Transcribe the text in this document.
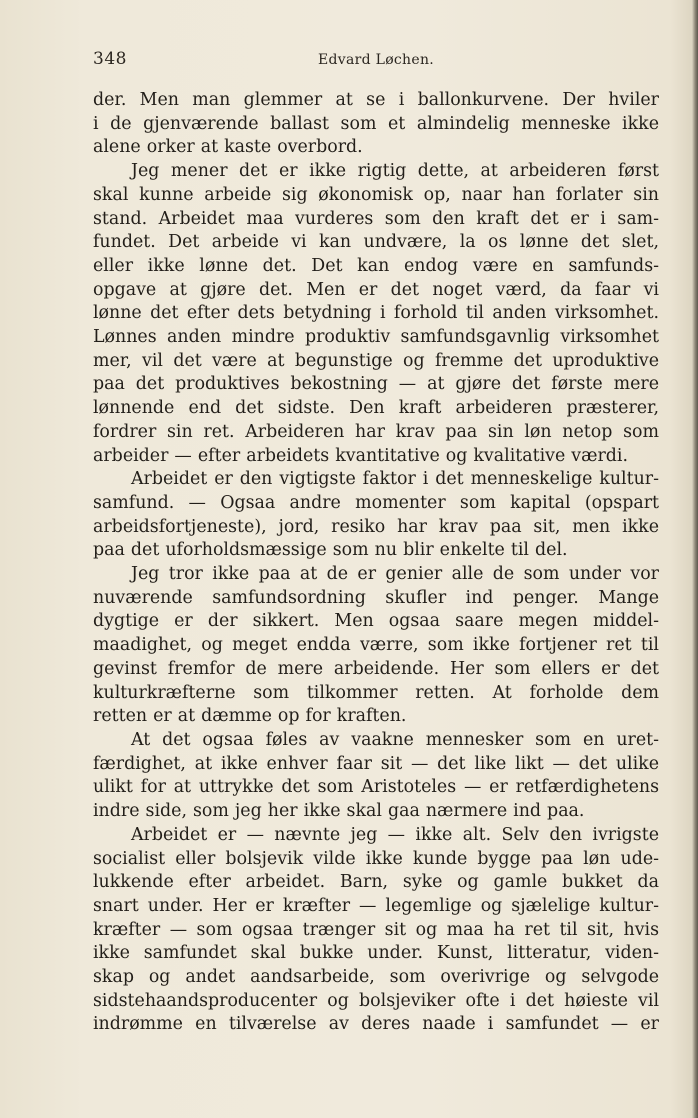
348	Edvard Løchen.

der. Men man glemmer at se i ballonkurvene. Der hviler

i de gjenværende ballast som et almindelig menneske ikke

alene orker at kaste overbord.

Jeg mener det er ikke rigtig dette, at arbeideren først

skal kunne arbeide sig økonomisk op, naar han forlater sin

stand. Arbeidet maa vurderes som den kraft det er i sam-

fundet. Det arbeide vi kan undvære, la os lønne det slet,

eller ikke lønne det. Det kan endog være en samfunds-

opgave at gjøre det. Men er det noget værd, da faar vi

lønne det efter dets betydning i forhold til anden virksomhet.

Lønnes anden mindre produktiv samfundsgavnlig virksomhet

mer, vil det være at begunstige og fremme det uproduktive

paa det produktives bekostning — at gjøre det første mere

lønnende end det sidste. Den kraft arbeideren præsterer,

fordrer sin ret. Arbeideren har krav paa sin løn netop som

arbeider — efter arbeidets kvantitative og kvalitative værdi.

Arbeidet er den vigtigste faktor i det menneskelige kultur-

samfund. — Ogsaa andre momenter som kapital (opspart

arbeidsfortjeneste), jord, resiko har krav paa sit, men ikke

paa det uforholdsmæssige som nu blir enkelte til del.

Jeg tror ikke paa at de er genier alle de som under vor

nuværende samfundsordning skufler ind penger. Mange

dygtige er der sikkert. Men ogsaa saare megen middel-

maadighet, og meget endda værre, som ikke fortjener ret til

gevinst fremfor de mere arbeidende. Her som ellers er det

kulturkræfterne som tilkommer retten. At forholde dem

retten er at dæmme op for kraften.

At det ogsaa føles av vaakne mennesker som en uret-

færdighet, at ikke enhver faar sit — det like likt — det ulike

ulikt for at uttrykke det som Aristoteles — er retfærdighetens

indre side, som jeg her ikke skal gaa nærmere ind paa.

Arbeidet er — nævnte jeg — ikke alt. Selv den ivrigste

socialist eller bolsjevik vilde ikke kunde bygge paa løn ude-

lukkende efter arbeidet. Barn, syke og gamle bukket da

snart under. Her er kræfter — legemlige og sjælelige kultur-

kræfter — som ogsaa trænger sit og maa ha ret til sit, hvis

ikke samfundet skal bukke under. Kunst, litteratur, viden-

skap og andet aandsarbeide, som overivrige og selvgode

sidstehaandsproducenter og bolsjeviker ofte i det høieste vil

indrømme en tilværelse av deres naade i samfundet — er
